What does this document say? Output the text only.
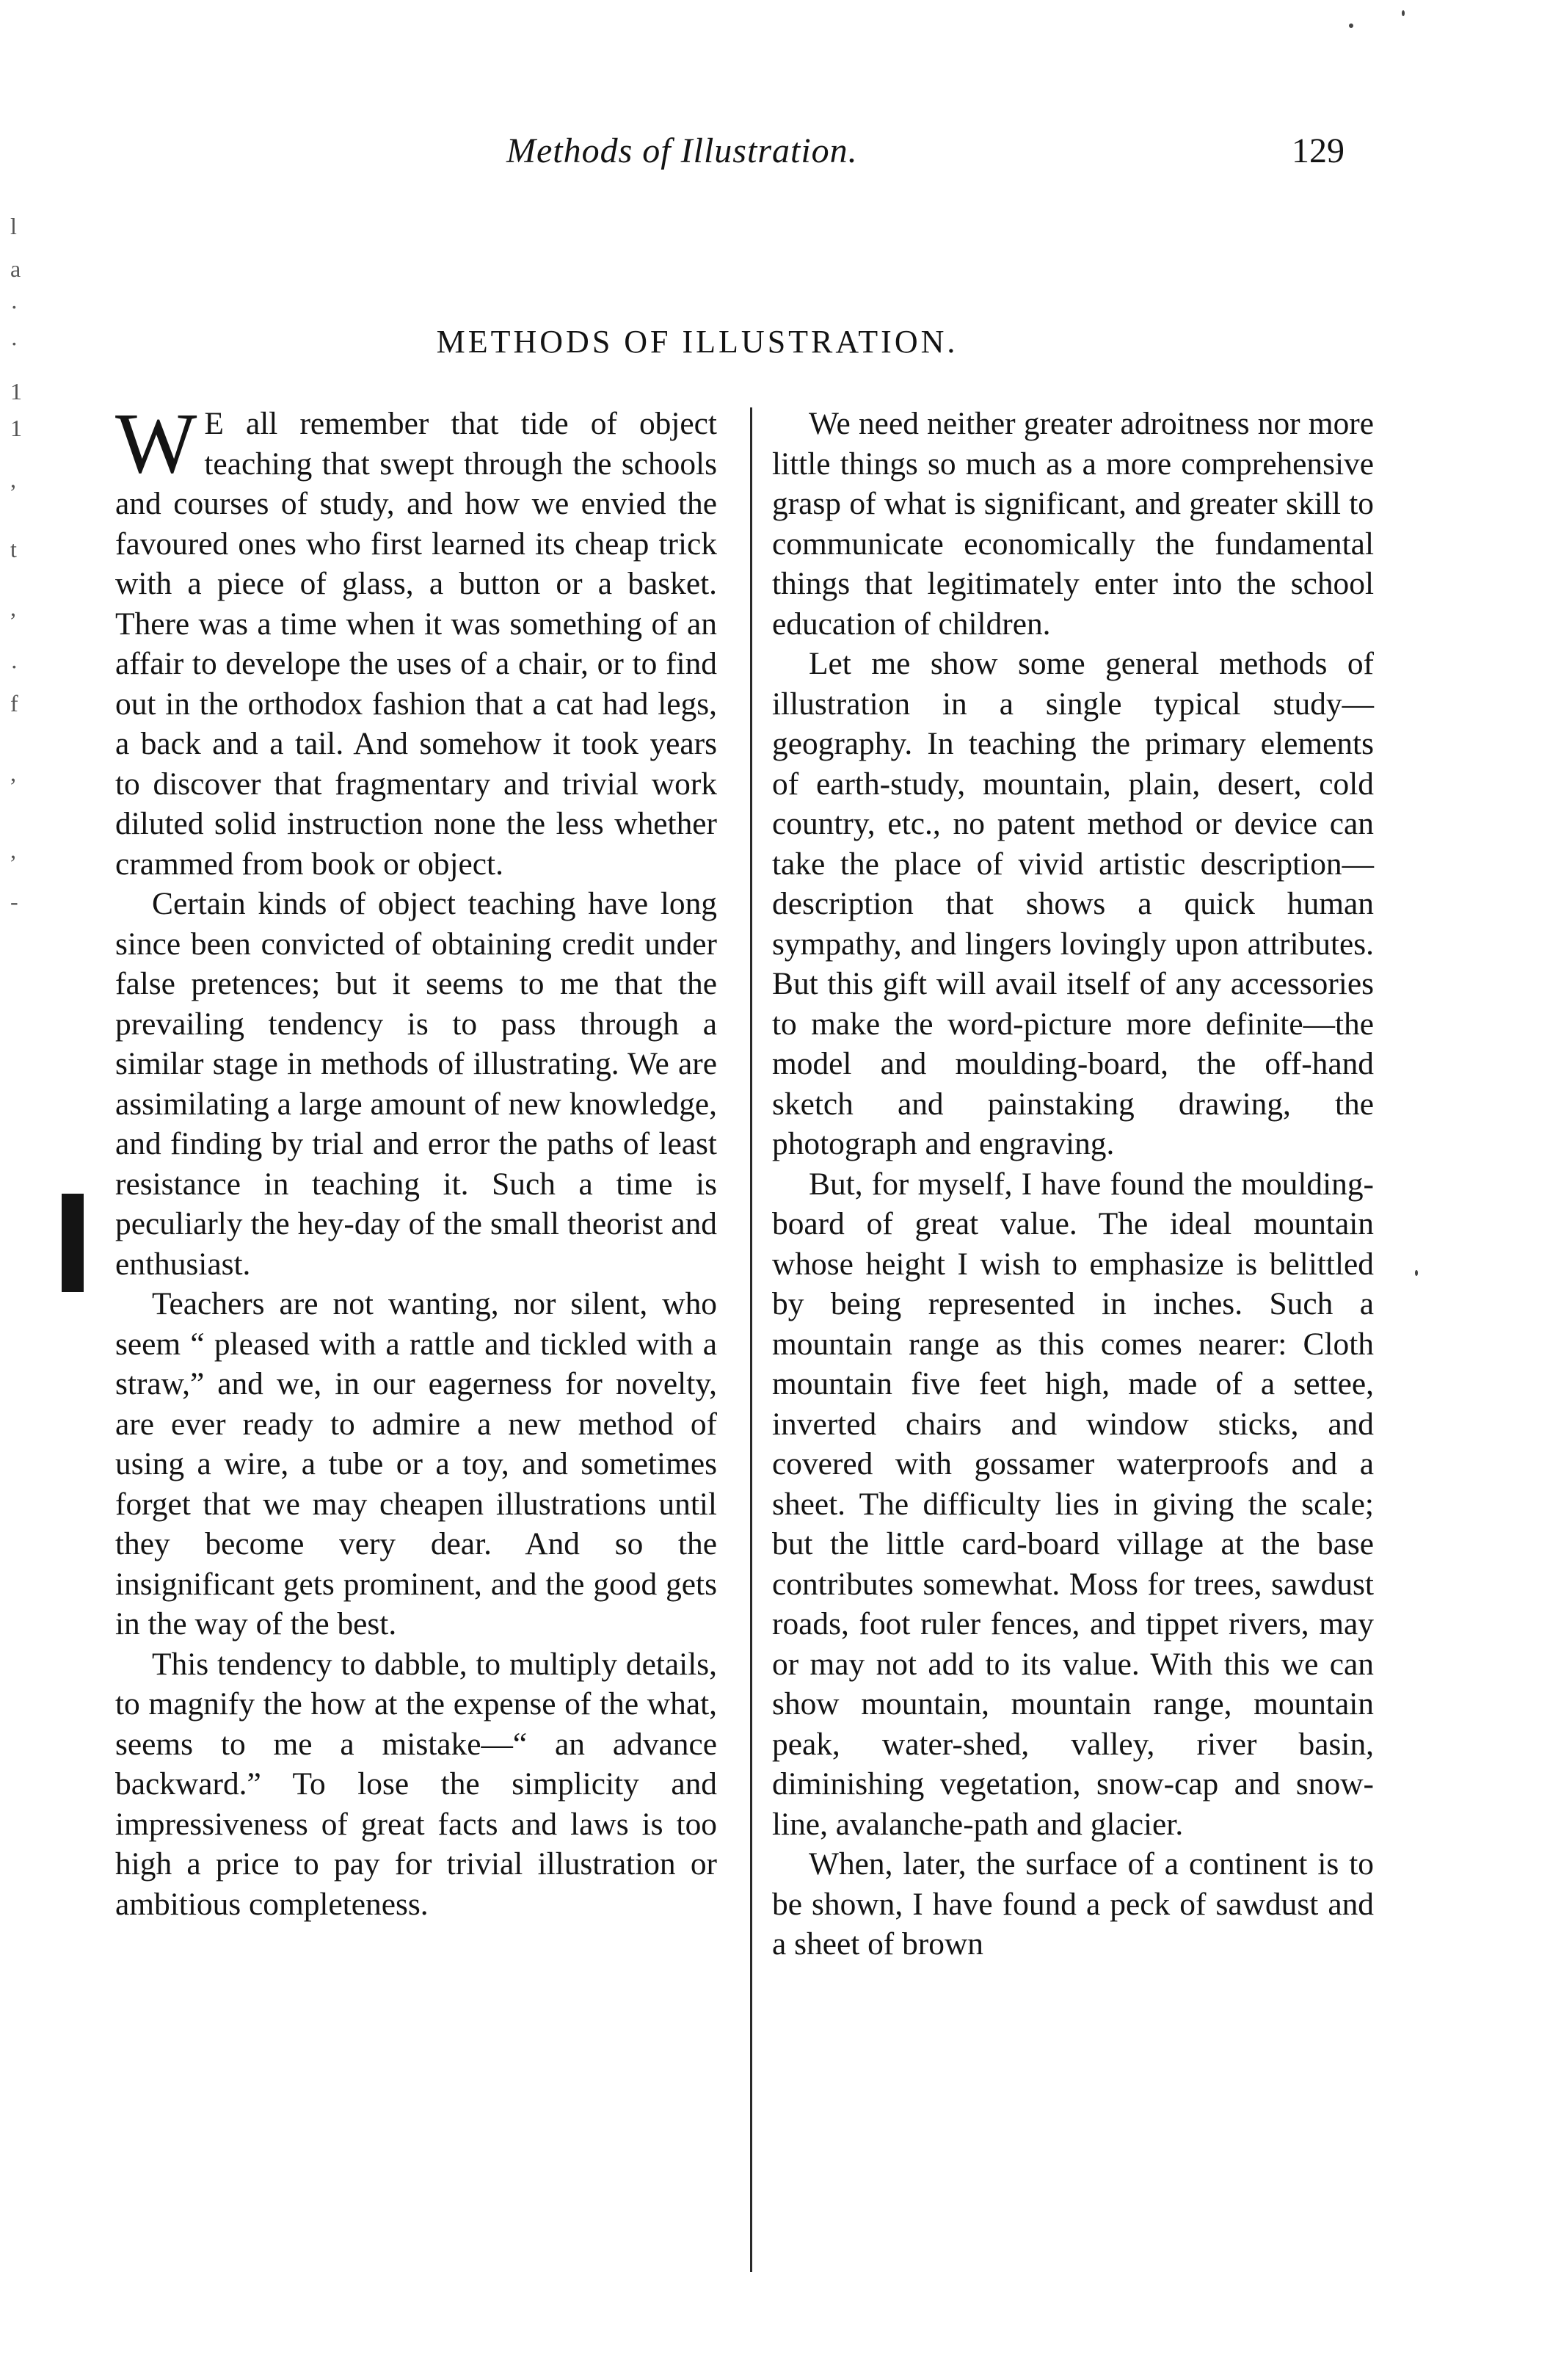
Methods of Illustration.	129
METHODS OF ILLUSTRATION.
l
a
·
·
1
1
,
t
,
·
f
,
,
-

W E all remember that tide of object teaching that swept through the schools and courses of study, and how we envied the favoured ones who first learned its cheap trick with a piece of glass, a button or a basket. There was a time when it was something of an affair to develope the uses of a chair, or to find out in the orthodox fashion that a cat had legs, a back and a tail. And somehow it took years to discover that fragmentary and trivial work diluted solid instruction none the less whether crammed from book or object.

Certain kinds of object teaching have long since been convicted of obtaining credit under false pretences; but it seems to me that the prevailing tendency is to pass through a similar stage in methods of illustrating. We are assimilating a large amount of new knowledge, and finding by trial and error the paths of least resistance in teaching it. Such a time is peculiarly the hey-day of the small theorist and enthusiast.

Teachers are not wanting, nor silent, who seem “ pleased with a rattle and tickled with a straw,” and we, in our eagerness for novelty, are ever ready to admire a new method of using a wire, a tube or a toy, and sometimes forget that we may cheapen illustrations until they become very dear. And so the insignificant gets prominent, and the good gets in the way of the best.

This tendency to dabble, to multiply details, to magnify the how at the expense of the what, seems to me a mistake—“ an advance backward.” To lose the simplicity and impressiveness of great facts and laws is too high a price to pay for trivial illustration or ambitious completeness.

We need neither greater adroitness nor more little things so much as a more comprehensive grasp of what is significant, and greater skill to communicate economically the fundamental things that legitimately enter into the school education of children.

Let me show some general methods of illustration in a single typical study—geography. In teaching the primary elements of earth-study, mountain, plain, desert, cold country, etc., no patent method or device can take the place of vivid artistic description—description that shows a quick human sympathy, and lingers lovingly upon attributes. But this gift will avail itself of any accessories to make the word-picture more definite—the model and moulding-board, the off-hand sketch and painstaking drawing, the photograph and engraving.

But, for myself, I have found the moulding-board of great value. The ideal mountain whose height I wish to emphasize is belittled by being represented in inches. Such a mountain range as this comes nearer: Cloth mountain five feet high, made of a settee, inverted chairs and window sticks, and covered with gossamer waterproofs and a sheet. The difficulty lies in giving the scale; but the little card-board village at the base contributes somewhat. Moss for trees, sawdust roads, foot ruler fences, and tippet rivers, may or may not add to its value. With this we can show mountain, mountain range, mountain peak, water-shed, valley, river basin, diminishing vegetation, snow-cap and snow-line, avalanche-path and glacier.

When, later, the surface of a continent is to be shown, I have found a peck of sawdust and a sheet of brown
